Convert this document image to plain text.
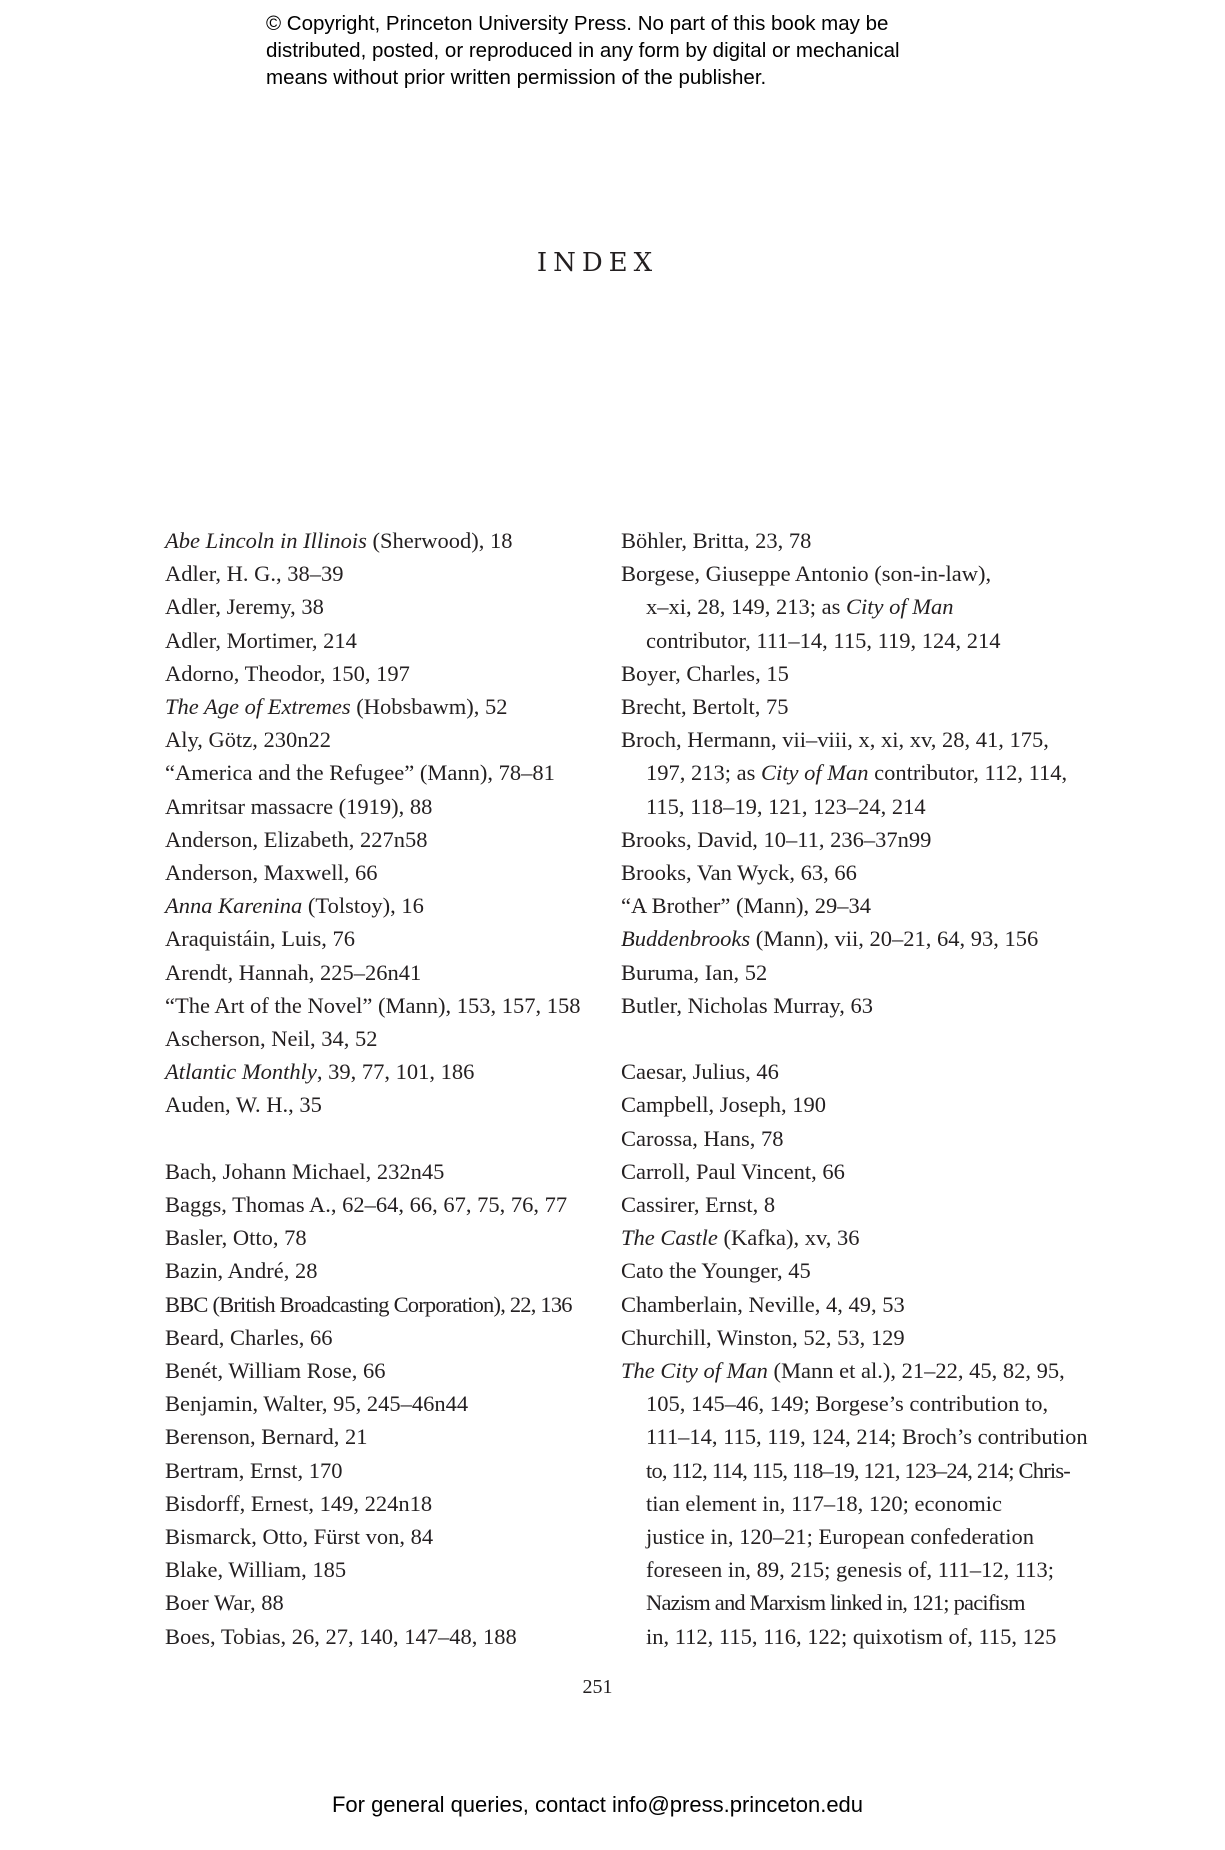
© Copyright, Princeton University Press. No part of this book may be
distributed, posted, or reproduced in any form by digital or mechanical
means without prior written permission of the publisher.
INDEX
Abe Lincoln in Illinois (Sherwood), 18
Adler, H. G., 38–39
Adler, Jeremy, 38
Adler, Mortimer, 214
Adorno, Theodor, 150, 197
The Age of Extremes (Hobsbawm), 52
Aly, Götz, 230n22
“America and the Refugee” (Mann), 78–81
Amritsar massacre (1919), 88
Anderson, Elizabeth, 227n58
Anderson, Maxwell, 66
Anna Karenina (Tolstoy), 16
Araquistáin, Luis, 76
Arendt, Hannah, 225–26n41
“The Art of the Novel” (Mann), 153, 157, 158
Ascherson, Neil, 34, 52
Atlantic Monthly, 39, 77, 101, 186
Auden, W. H., 35
Bach, Johann Michael, 232n45
Baggs, Thomas A., 62–64, 66, 67, 75, 76, 77
Basler, Otto, 78
Bazin, André, 28
BBC (British Broadcasting Corporation), 22, 136
Beard, Charles, 66
Benét, William Rose, 66
Benjamin, Walter, 95, 245–46n44
Berenson, Bernard, 21
Bertram, Ernst, 170
Bisdorff, Ernest, 149, 224n18
Bismarck, Otto, Fürst von, 84
Blake, William, 185
Boer War, 88
Boes, Tobias, 26, 27, 140, 147–48, 188
Böhler, Britta, 23, 78
Borgese, Giuseppe Antonio (son-in-law),
x–xi, 28, 149, 213; as City of Man
contributor, 111–14, 115, 119, 124, 214
Boyer, Charles, 15
Brecht, Bertolt, 75
Broch, Hermann, vii–viii, x, xi, xv, 28, 41, 175,
197, 213; as City of Man contributor, 112, 114,
115, 118–19, 121, 123–24, 214
Brooks, David, 10–11, 236–37n99
Brooks, Van Wyck, 63, 66
“A Brother” (Mann), 29–34
Buddenbrooks (Mann), vii, 20–21, 64, 93, 156
Buruma, Ian, 52
Butler, Nicholas Murray, 63
Caesar, Julius, 46
Campbell, Joseph, 190
Carossa, Hans, 78
Carroll, Paul Vincent, 66
Cassirer, Ernst, 8
The Castle (Kafka), xv, 36
Cato the Younger, 45
Chamberlain, Neville, 4, 49, 53
Churchill, Winston, 52, 53, 129
The City of Man (Mann et al.), 21–22, 45, 82, 95,
105, 145–46, 149; Borgese’s contribution to,
111–14, 115, 119, 124, 214; Broch’s contribution
to, 112, 114, 115, 118–19, 121, 123–24, 214; Chris-
tian element in, 117–18, 120; economic
justice in, 120–21; European confederation
foreseen in, 89, 215; genesis of, 111–12, 113;
Nazism and Marxism linked in, 121; pacifism
in, 112, 115, 116, 122; quixotism of, 115, 125
251
For general queries, contact info@press.princeton.edu
